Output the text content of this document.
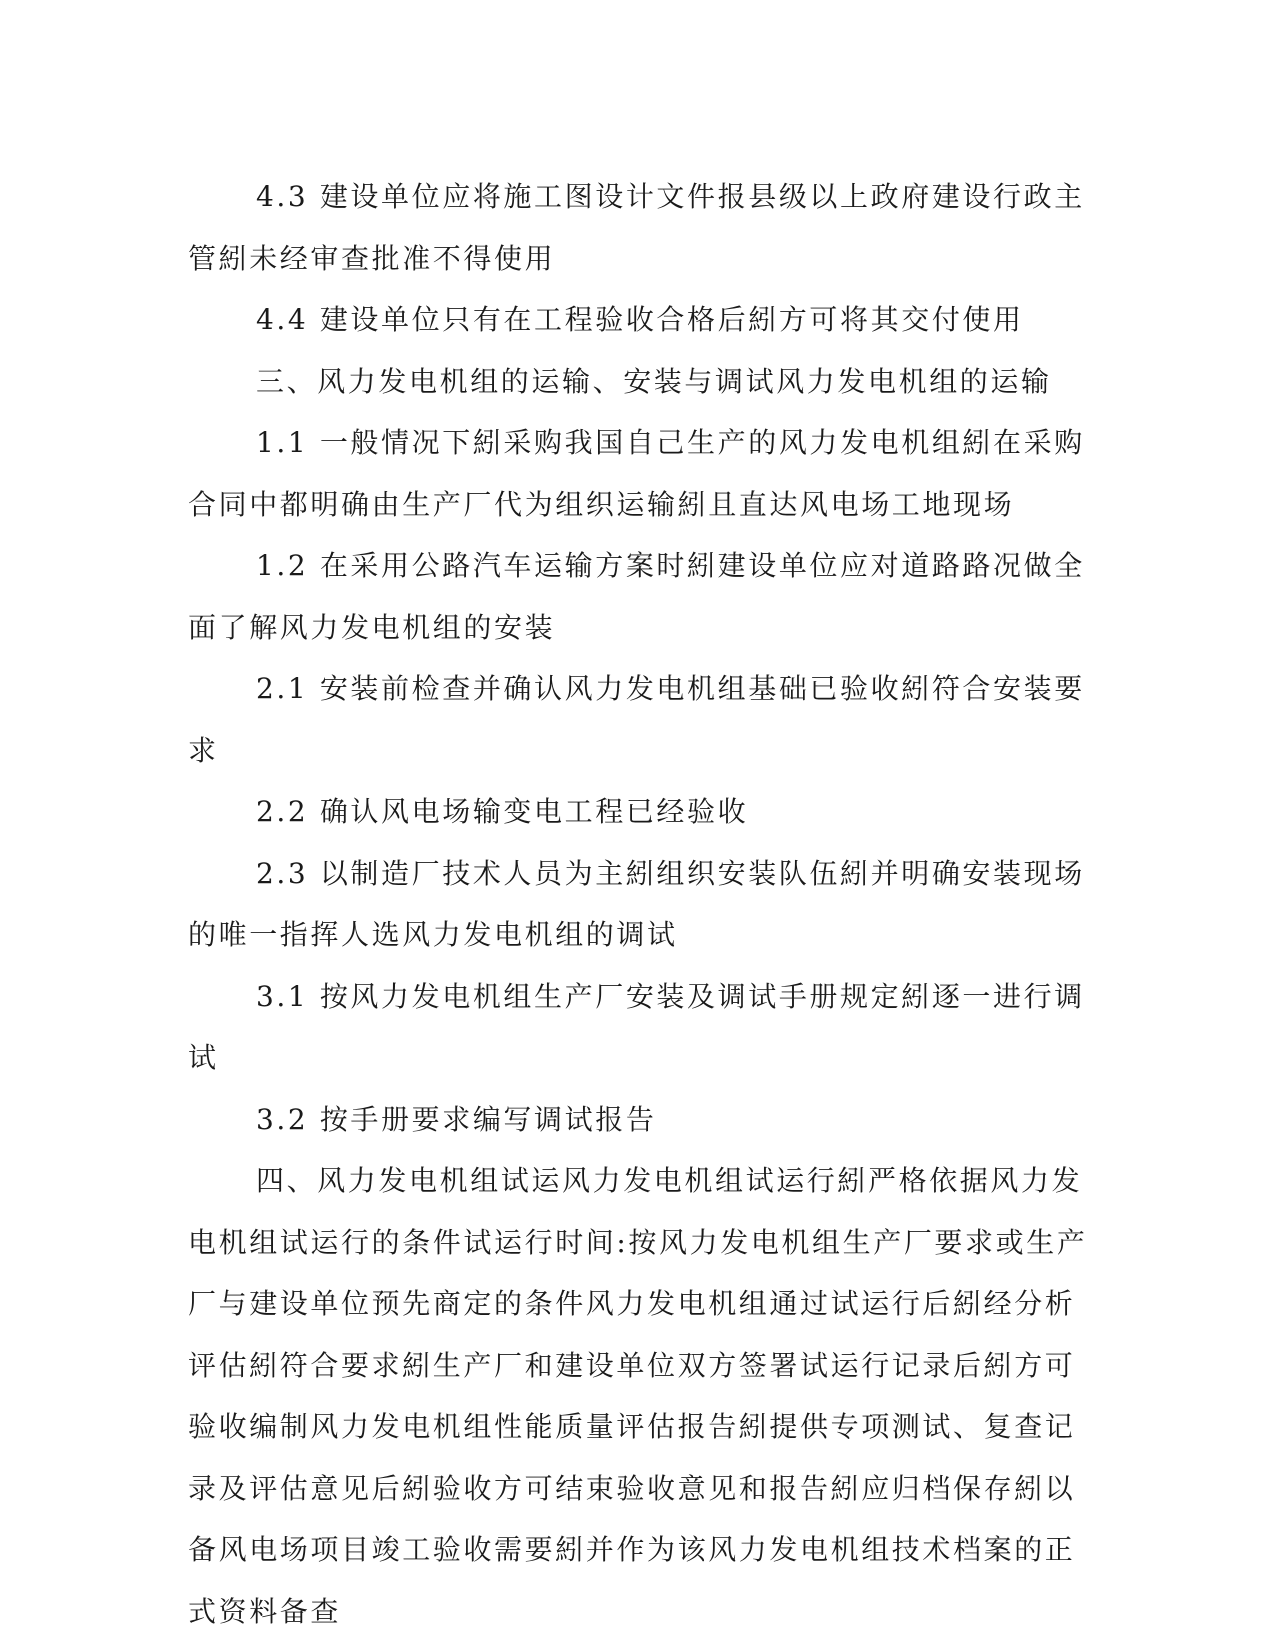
4.3 建设单位应将施工图设计文件报县级以上政府建设行政主管紖未经审查批准不得使用

4.4 建设单位只有在工程验收合格后紖方可将其交付使用

三、风力发电机组的运输、安装与调试风力发电机组的运输

1.1 一般情况下紖采购我国自己生产的风力发电机组紖在采购合同中都明确由生产厂代为组织运输紖且直达风电场工地现场

1.2 在采用公路汽车运输方案时紖建设单位应对道路路况做全面了解风力发电机组的安装

2.1 安装前检查并确认风力发电机组基础已验收紖符合安装要求

2.2 确认风电场输变电工程已经验收

2.3 以制造厂技术人员为主紖组织安装队伍紖并明确安装现场的唯一指挥人选风力发电机组的调试

3.1 按风力发电机组生产厂安装及调试手册规定紖逐一进行调试

3.2 按手册要求编写调试报告

四、风力发电机组试运风力发电机组试运行紖严格依据风力发电机组试运行的条件试运行时间:按风力发电机组生产厂要求或生产厂与建设单位预先商定的条件风力发电机组通过试运行后紖经分析评估紖符合要求紖生产厂和建设单位双方签署试运行记录后紖方可验收编制风力发电机组性能质量评估报告紖提供专项测试、复查记录及评估意见后紖验收方可结束验收意见和报告紖应归档保存紖以备风电场项目竣工验收需要紖并作为该风力发电机组技术档案的正式资料备查
